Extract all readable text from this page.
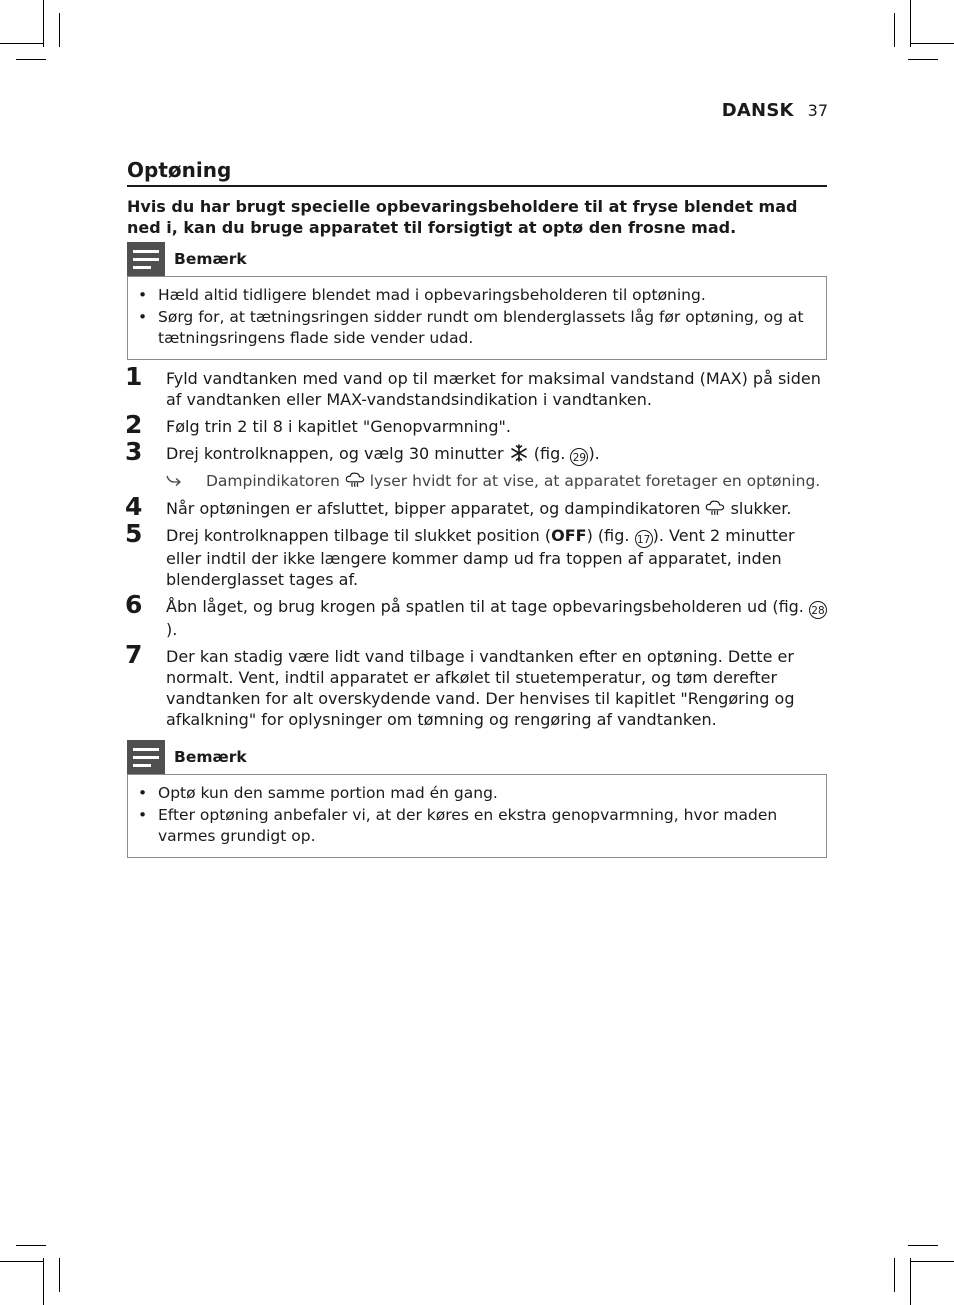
DANSK 37
Optøning

Hvis du har brugt specielle opbevaringsbeholdere til at fryse blendet mad ned i, kan du bruge apparatet til forsigtigt at optø den frosne mad.

Bemærk
• Hæld altid tidligere blendet mad i opbevaringsbeholderen til optøning.
• Sørg for, at tætningsringen sidder rundt om blenderglassets låg før optøning, og at tætningsringens flade side vender udad.
1 Fyld vandtanken med vand op til mærket for maksimal vandstand (MAX) på siden af vandtanken eller MAX-vandstandsindikation i vandtanken.
2 Følg trin 2 til 8 i kapitlet "Genopvarmning".
3 Drej kontrolknappen, og vælg 30 minutter (fig. 29 ).
Dampindikatoren lyser hvidt for at vise, at apparatet foretager en optøning.
4 Når optøningen er afsluttet, bipper apparatet, og dampindikatoren slukker.
5 Drej kontrolknappen tilbage til slukket position (OFF) (fig. 17 ). Vent 2 minutter eller indtil der ikke længere kommer damp ud fra toppen af apparatet, inden blenderglasset tages af.
6 Åbn låget, og brug krogen på spatlen til at tage opbevaringsbeholderen ud (fig. 28).
7 Der kan stadig være lidt vand tilbage i vandtanken efter en optøning. Dette er normalt. Vent, indtil apparatet er afkølet til stuetemperatur, og tøm derefter vandtanken for alt overskydende vand. Der henvises til kapitlet "Rengøring og afkalkning" for oplysninger om tømning og rengøring af vandtanken.
Bemærk
• Optø kun den samme portion mad én gang.
• Efter optøning anbefaler vi, at der køres en ekstra genopvarmning, hvor maden varmes grundigt op.
